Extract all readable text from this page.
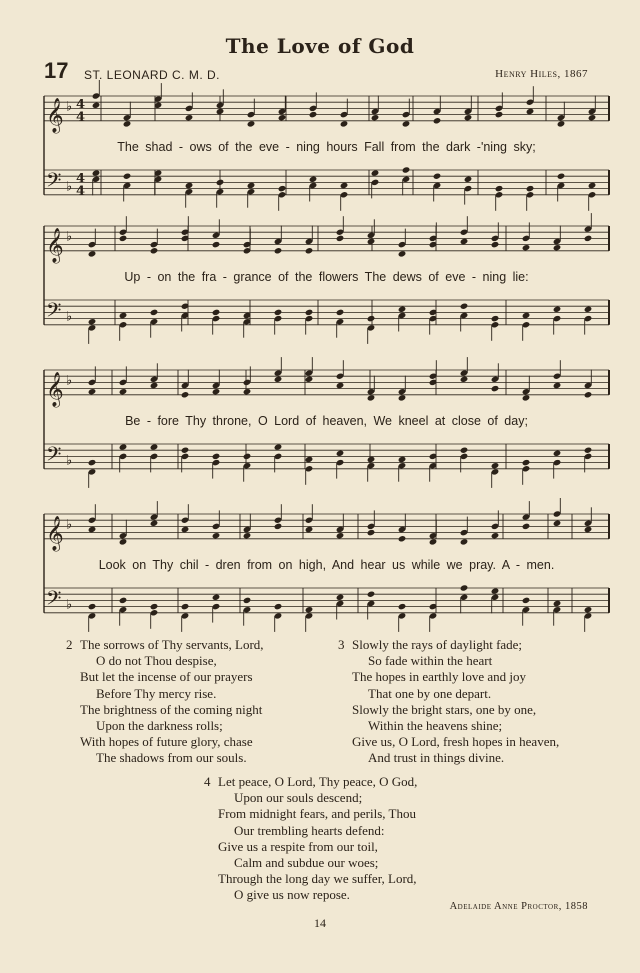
The Love of God
17 ST. LEONARD C. M. D.	Henry Hiles, 1867
𝄞
𝄢
♭
♭
4
4
4
4
𝄞
𝄢
♭
♭
𝄞
𝄢
♭
♭
𝄞
𝄢
♭
♭
The shad - ows of the eve - ning hours Fall from the dark -'ning sky;
Up - on the fra - grance of the flowers The dews of eve - ning lie:
Be - fore Thy throne, O Lord of heaven, We kneel at close of day;
Look on Thy chil - dren from on high, And hear us while we pray. A - men.
2 The sorrows of Thy servants, Lord,
O do not Thou despise,
But let the incense of our prayers
Before Thy mercy rise.
The brightness of the coming night
Upon the darkness rolls;
With hopes of future glory, chase
The shadows from our souls.
3 Slowly the rays of daylight fade;
So fade within the heart
The hopes in earthly love and joy
That one by one depart.
Slowly the bright stars, one by one,
Within the heavens shine;
Give us, O Lord, fresh hopes in heaven,
And trust in things divine.
4 Let peace, O Lord, Thy peace, O God,
Upon our souls descend;
From midnight fears, and perils, Thou
Our trembling hearts defend:
Give us a respite from our toil,
Calm and subdue our woes;
Through the long day we suffer, Lord,
O give us now repose.
Adelaide Anne Proctor, 1858
14
